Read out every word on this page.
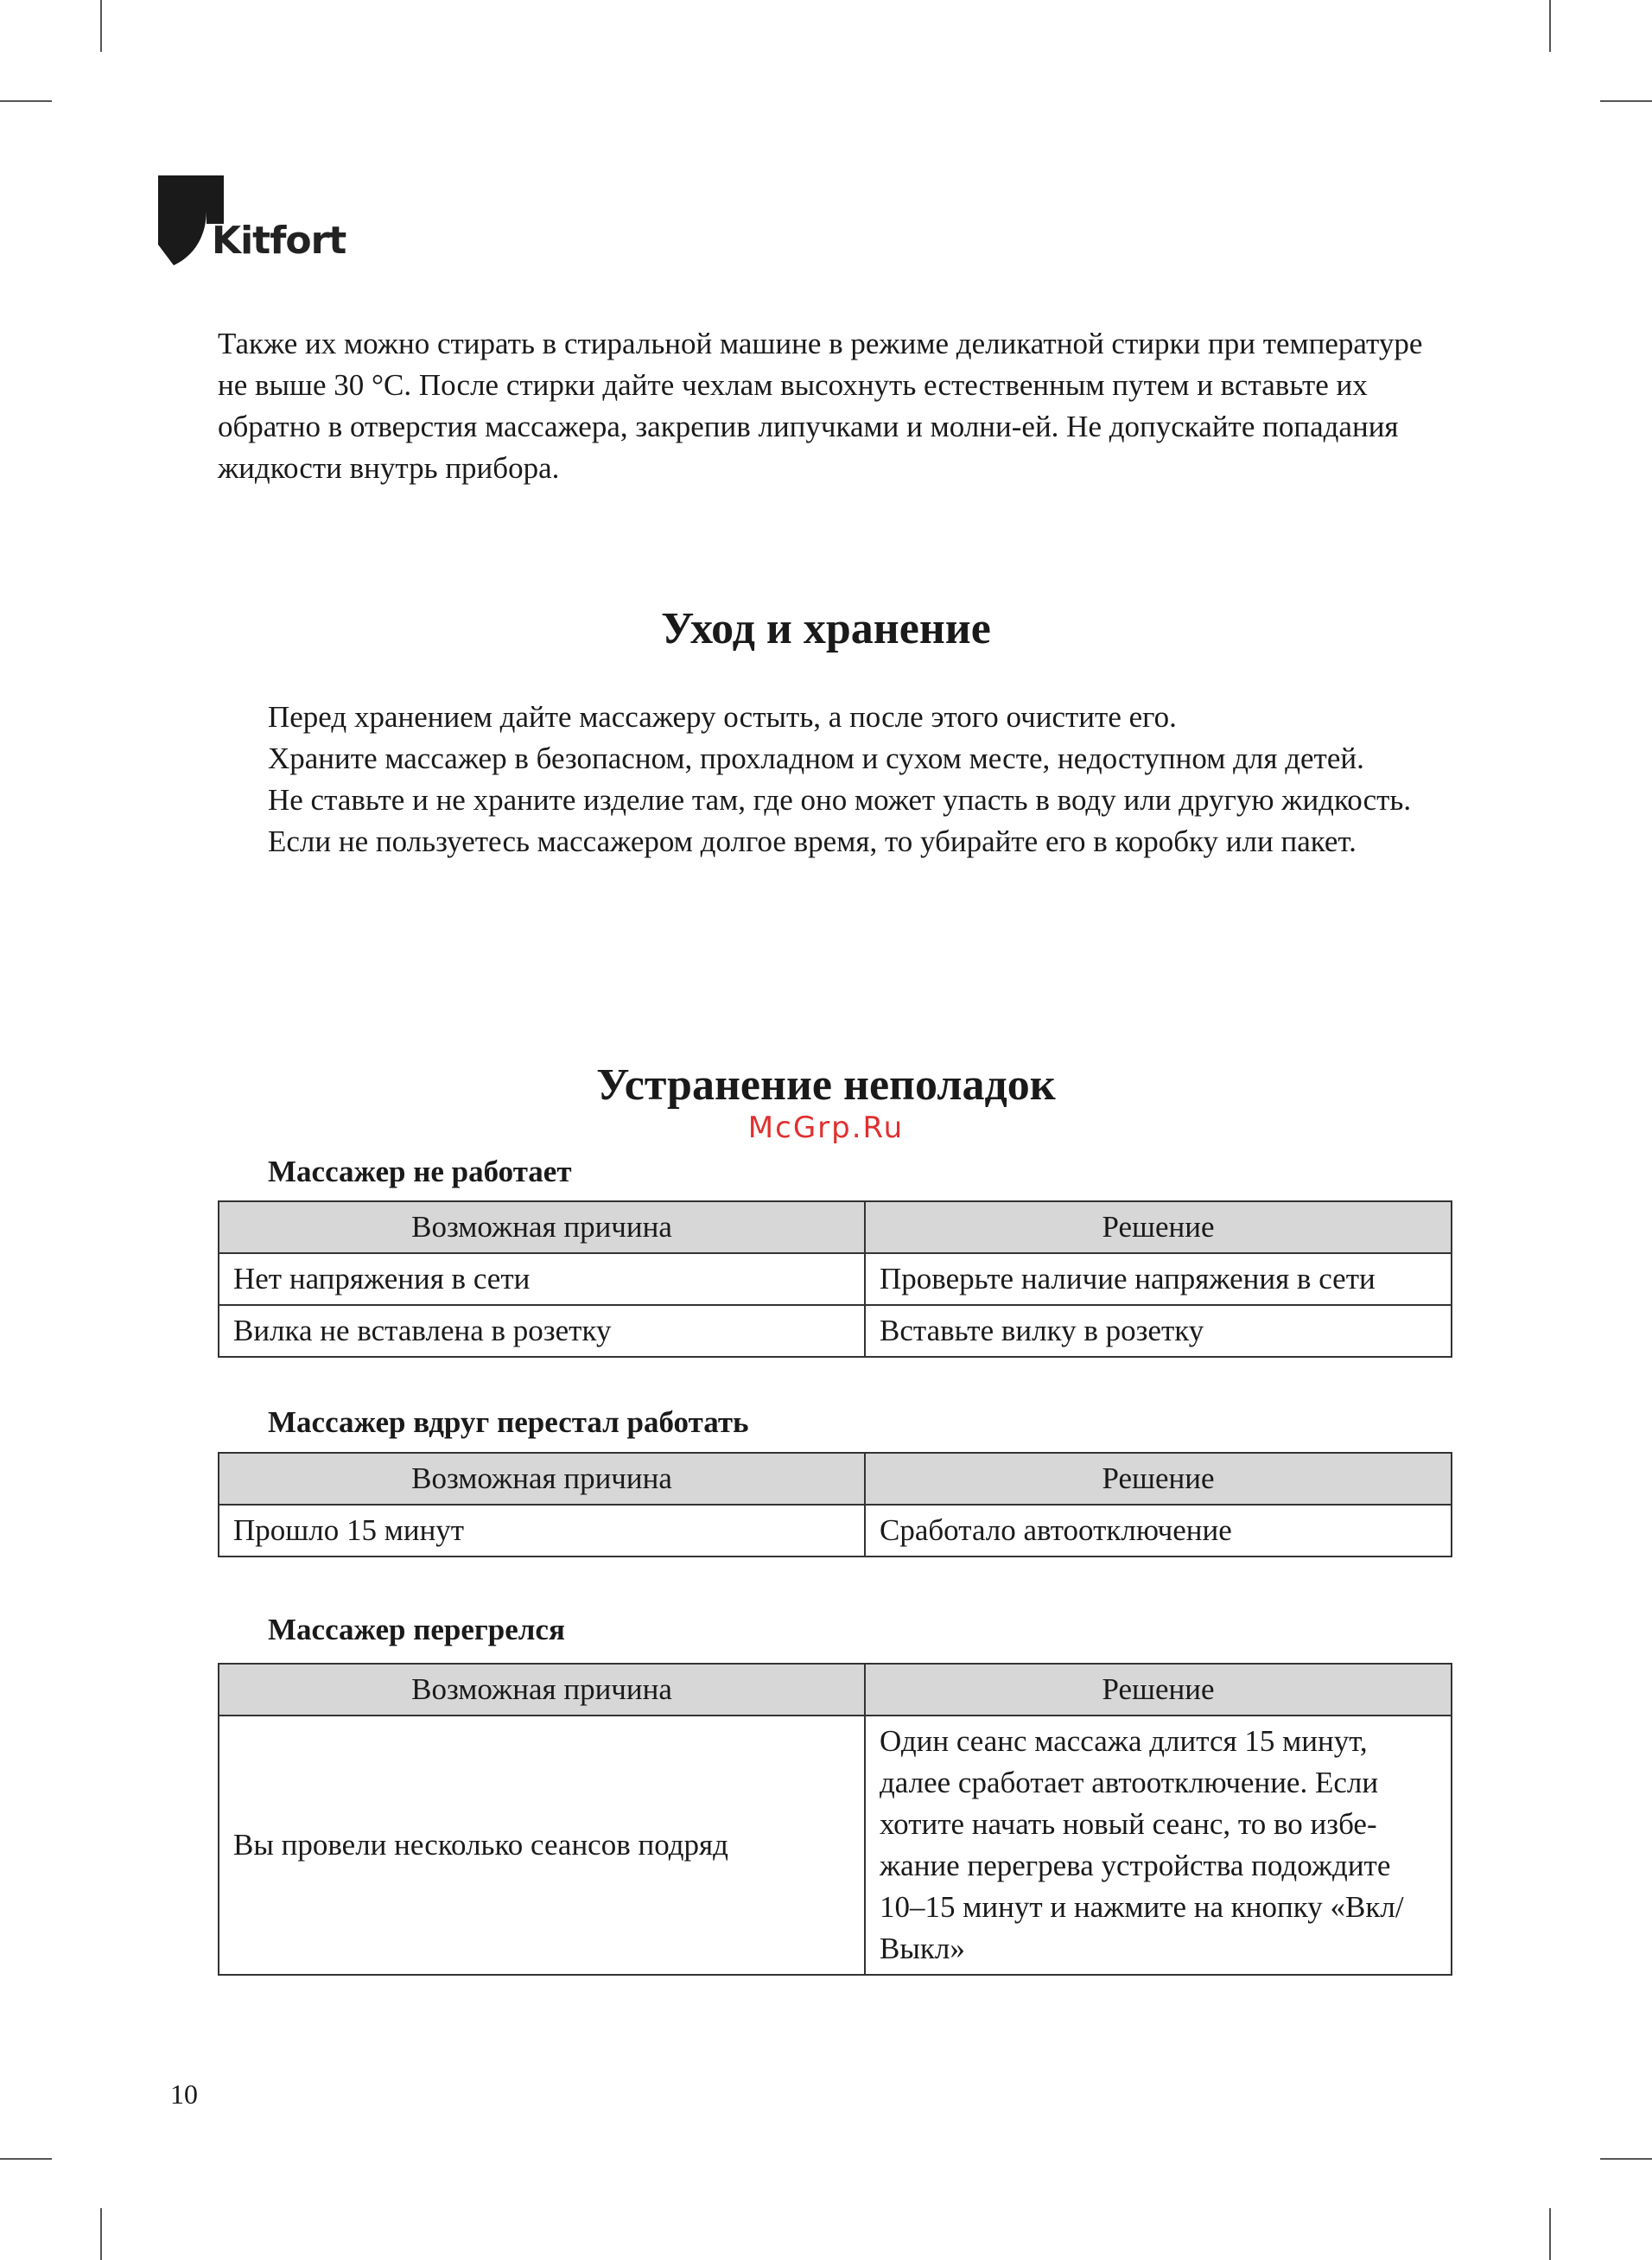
Kitfort

Также их можно стирать в стиральной машине в режиме деликатной стирки при температуре не выше 30 °C. После стирки дайте чехлам высохнуть естественным путем и вставьте их обратно в отверстия массажера, закрепив липучками и молни-ей. Не допускайте попадания жидкости внутрь прибора.

Уход и хранение

Перед хранением дайте массажеру остыть, а после этого очистите его.

Храните массажер в безопасном, прохладном и сухом месте, недоступном для детей.

Не ставьте и не храните изделие там, где оно может упасть в воду или другую жидкость.

Если не пользуетесь массажером долгое время, то убирайте его в коробку или пакет.

Устранение неполадок
McGrp.Ru
Массажер не работает
Возможная причина	Решение
Нет напряжения в сети	Проверьте наличие напряжения в сети
Вилка не вставлена в розетку	Вставьте вилку в розетку
Массажер вдруг перестал работать
Возможная причина	Решение
Прошло 15 минут	Сработало автоотключение
Массажер перегрелся
Возможная причина	Решение
Вы провели несколько сеансов подряд	Один сеанс массажа длится 15 минут, далее сработает автоотключение. Если хотите начать новый сеанс, то во избе-жание перегрева устройства подождите 10–15 минут и нажмите на кнопку «Вкл/Выкл»
10
